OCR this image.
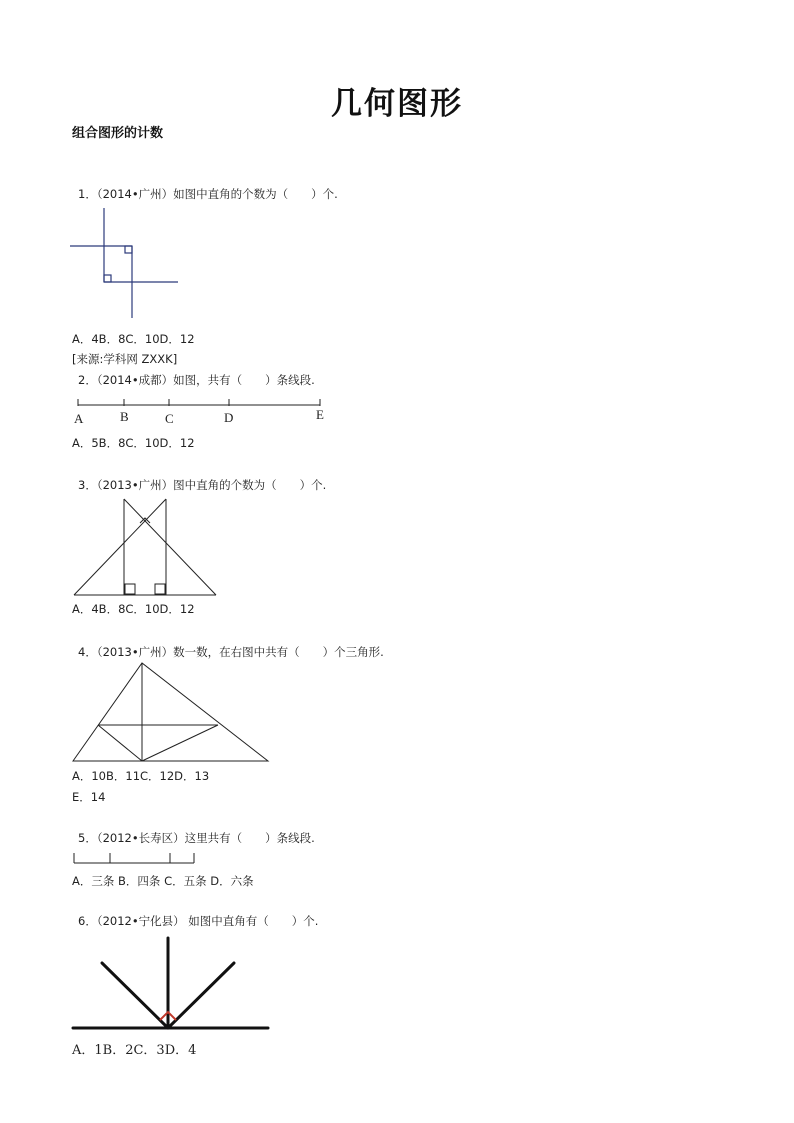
几何图形
组合图形的计数
1．（2014•广州）如图中直角的个数为（　　）个.
A．4B．8C．10D．12
[来源:学科网 ZXXK]
2．（2014•成都）如图，共有（　　）条线段.
A	B	C	D	E
A．5B．8C．10D．12
3．（2013•广州）图中直角的个数为（　　）个.
A．4B．8C．10D．12
4．（2013•广州）数一数，在右图中共有（　　）个三角形.
A．10B．11C．12D．13
E．14
5．（2012•长寿区）这里共有（　　）条线段.
A．三条 B．四条 C．五条 D．六条
6．（2012•宁化县） 如图中直角有（　　）个.
A．1B．2C．3D．4
